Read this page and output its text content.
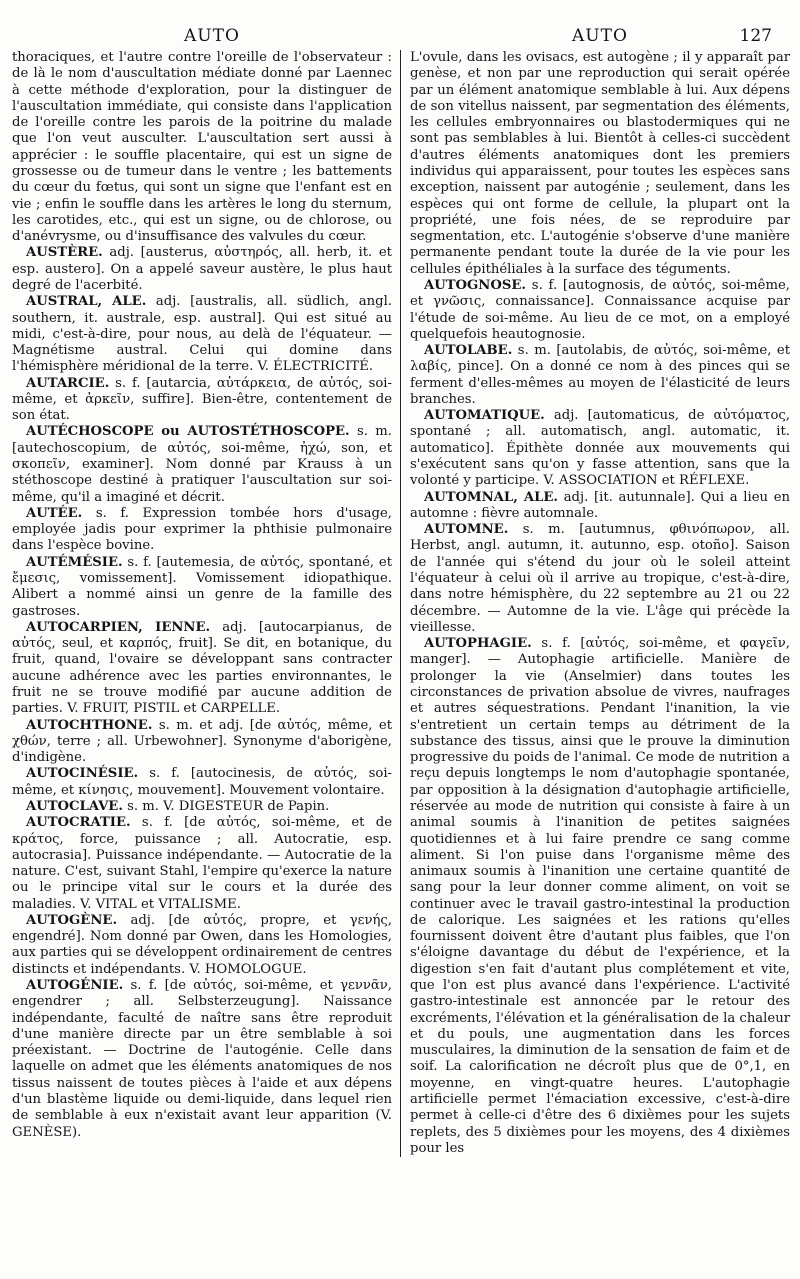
AUTO	AUTO	127

thoraciques, et l'autre contre l'oreille de l'observateur : de là le nom d'auscultation médiate donné par Laennec à cette méthode d'exploration, pour la distinguer de l'auscultation immédiate, qui consiste dans l'application de l'oreille contre les parois de la poitrine du malade que l'on veut ausculter. L'auscultation sert aussi à apprécier : le souffle placentaire, qui est un signe de grossesse ou de tumeur dans le ventre ; les battements du cœur du fœtus, qui sont un signe que l'enfant est en vie ; enfin le souffle dans les artères le long du sternum, les carotides, etc., qui est un signe, ou de chlorose, ou d'anévrysme, ou d'insuffisance des valvules du cœur.

AUSTÈRE. adj. [austerus, αὐστηρός, all. herb, it. et esp. austero]. On a appelé saveur austère, le plus haut degré de l'acerbité.

AUSTRAL, ALE. adj. [australis, all. südlich, angl. southern, it. australe, esp. austral]. Qui est situé au midi, c'est-à-dire, pour nous, au delà de l'équateur. — Magnétisme austral. Celui qui domine dans l'hémisphère méridional de la terre. V. ÉLECTRICITÉ.

AUTARCIE. s. f. [autarcia, αὐτάρκεια, de αὐτός, soi-même, et ἀρκεῖν, suffire]. Bien-être, contentement de son état.

AUTÉCHOSCOPE ou AUTOSTÉTHOSCOPE. s. m. [autechoscopium, de αὐτός, soi-même, ἠχώ, son, et σκοπεῖν, examiner]. Nom donné par Krauss à un stéthoscope destiné à pratiquer l'auscultation sur soi-même, qu'il a imaginé et décrit.

AUTÉE. s. f. Expression tombée hors d'usage, employée jadis pour exprimer la phthisie pulmonaire dans l'espèce bovine.

AUTÉMÉSIE. s. f. [autemesia, de αὐτός, spontané, et ἔμεσις, vomissement]. Vomissement idiopathique. Alibert a nommé ainsi un genre de la famille des gastroses.

AUTOCARPIEN, IENNE. adj. [autocarpianus, de αὐτός, seul, et καρπός, fruit]. Se dit, en botanique, du fruit, quand, l'ovaire se développant sans contracter aucune adhérence avec les parties environnantes, le fruit ne se trouve modifié par aucune addition de parties. V. FRUIT, PISTIL et CARPELLE.

AUTOCHTHONE. s. m. et adj. [de αὐτός, même, et χθών, terre ; all. Urbewohner]. Synonyme d'aborigène, d'indigène.

AUTOCINÉSIE. s. f. [autocinesis, de αὐτός, soi-même, et κίνησις, mouvement]. Mouvement volontaire.

AUTOCLAVE. s. m. V. DIGESTEUR de Papin.

AUTOCRATIE. s. f. [de αὐτός, soi-même, et de κράτος, force, puissance ; all. Autocratie, esp. autocrasia]. Puissance indépendante. — Autocratie de la nature. C'est, suivant Stahl, l'empire qu'exerce la nature ou le principe vital sur le cours et la durée des maladies. V. VITAL et VITALISME.

AUTOGÈNE. adj. [de αὐτός, propre, et γενής, engendré]. Nom donné par Owen, dans les Homologies, aux parties qui se développent ordinairement de centres distincts et indépendants. V. HOMOLOGUE.

AUTOGÉNIE. s. f. [de αὐτός, soi-même, et γεννᾶν, engendrer ; all. Selbsterzeugung]. Naissance indépendante, faculté de naître sans être reproduit d'une manière directe par un être semblable à soi préexistant. — Doctrine de l'autogénie. Celle dans laquelle on admet que les éléments anatomiques de nos tissus naissent de toutes pièces à l'aide et aux dépens d'un blastème liquide ou demi-liquide, dans lequel rien de semblable à eux n'existait avant leur apparition (V. GENÈSE).

L'ovule, dans les ovisacs, est autogène ; il y apparaît par genèse, et non par une reproduction qui serait opérée par un élément anatomique semblable à lui. Aux dépens de son vitellus naissent, par segmentation des éléments, les cellules embryonnaires ou blastodermiques qui ne sont pas semblables à lui. Bientôt à celles-ci succèdent d'autres éléments anatomiques dont les premiers individus qui apparaissent, pour toutes les espèces sans exception, naissent par autogénie ; seulement, dans les espèces qui ont forme de cellule, la plupart ont la propriété, une fois nées, de se reproduire par segmentation, etc. L'autogénie s'observe d'une manière permanente pendant toute la durée de la vie pour les cellules épithéliales à la surface des téguments.

AUTOGNOSE. s. f. [autognosis, de αὐτός, soi-même, et γνῶσις, connaissance]. Connaissance acquise par l'étude de soi-même. Au lieu de ce mot, on a employé quelquefois heautognosie.

AUTOLABE. s. m. [autolabis, de αὐτός, soi-même, et λαβίς, pince]. On a donné ce nom à des pinces qui se ferment d'elles-mêmes au moyen de l'élasticité de leurs branches.

AUTOMATIQUE. adj. [automaticus, de αὐτόματος, spontané ; all. automatisch, angl. automatic, it. automatico]. Épithète donnée aux mouvements qui s'exécutent sans qu'on y fasse attention, sans que la volonté y participe. V. ASSOCIATION et RÉFLEXE.

AUTOMNAL, ALE. adj. [it. autunnale]. Qui a lieu en automne : fièvre automnale.

AUTOMNE. s. m. [autumnus, φθινόπωρον, all. Herbst, angl. autumn, it. autunno, esp. otoño]. Saison de l'année qui s'étend du jour où le soleil atteint l'équateur à celui où il arrive au tropique, c'est-à-dire, dans notre hémisphère, du 22 septembre au 21 ou 22 décembre. — Automne de la vie. L'âge qui précède la vieillesse.

AUTOPHAGIE. s. f. [αὐτός, soi-même, et φαγεῖν, manger]. — Autophagie artificielle. Manière de prolonger la vie (Anselmier) dans toutes les circonstances de privation absolue de vivres, naufrages et autres séquestrations. Pendant l'inanition, la vie s'entretient un certain temps au détriment de la substance des tissus, ainsi que le prouve la diminution progressive du poids de l'animal. Ce mode de nutrition a reçu depuis longtemps le nom d'autophagie spontanée, par opposition à la désignation d'autophagie artificielle, réservée au mode de nutrition qui consiste à faire à un animal soumis à l'inanition de petites saignées quotidiennes et à lui faire prendre ce sang comme aliment. Si l'on puise dans l'organisme même des animaux soumis à l'inanition une certaine quantité de sang pour la leur donner comme aliment, on voit se continuer avec le travail gastro-intestinal la production de calorique. Les saignées et les rations qu'elles fournissent doivent être d'autant plus faibles, que l'on s'éloigne davantage du début de l'expérience, et la digestion s'en fait d'autant plus complétement et vite, que l'on est plus avancé dans l'expérience. L'activité gastro-intestinale est annoncée par le retour des excréments, l'élévation et la généralisation de la chaleur et du pouls, une augmentation dans les forces musculaires, la diminution de la sensation de faim et de soif. La calorification ne décroît plus que de 0°,1, en moyenne, en vingt-quatre heures. L'autophagie artificielle permet l'émaciation excessive, c'est-à-dire permet à celle-ci d'être des 6 dixièmes pour les sujets replets, des 5 dixièmes pour les moyens, des 4 dixièmes pour les
